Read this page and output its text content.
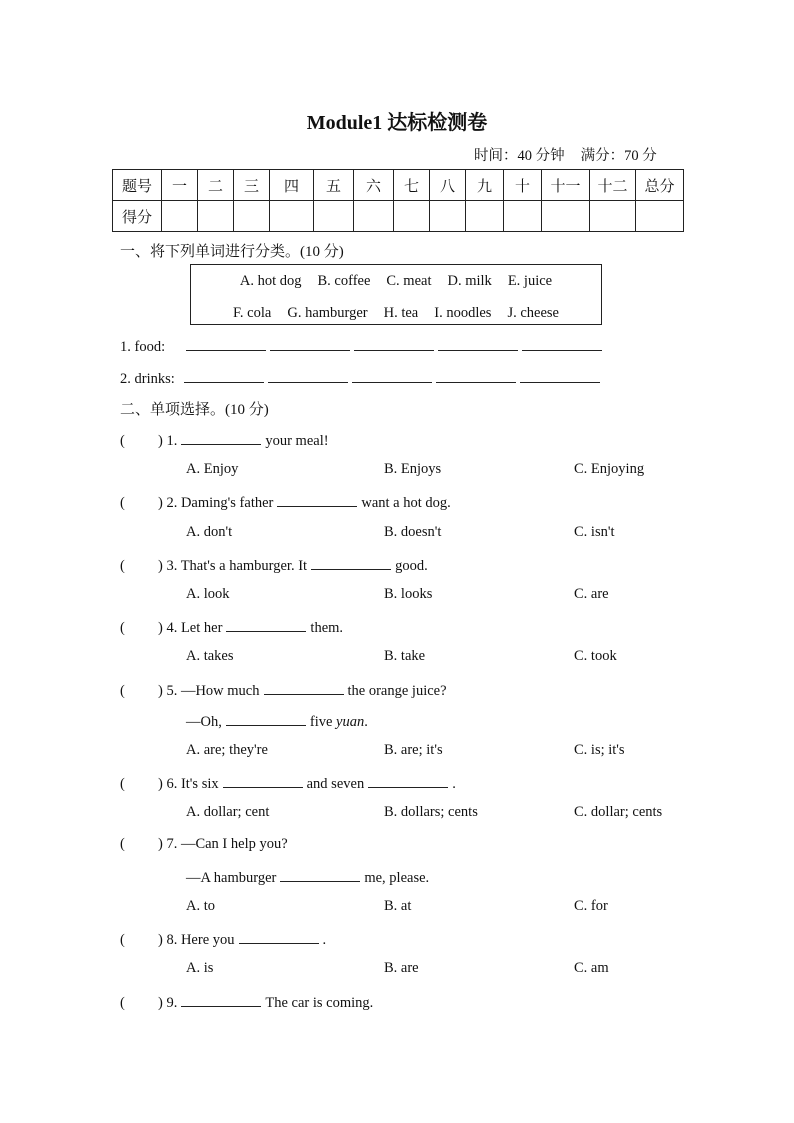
Module1 达标检测卷
时间：40 分钟 满分：70 分
题号	一	二	三	四	五	六	七	八	九	十	十一	十二	总分
得分													
一、将下列单词进行分类。(10 分)
A. hot dog B. coffee C. meat D. milk E. juice
F. cola G. hamburger H. tea I. noodles J. cheese
1. food:
2. drinks:
二、单项选择。(10 分)
( ) 1.	your meal!
A. Enjoy	B. Enjoys	C. Enjoying
( ) 2. Daming's father	want a hot dog.
A. don't	B. doesn't	C. isn't
( ) 3. That's a hamburger. It	good.
A. look	B. looks	C. are
( ) 4. Let her	them.
A. takes	B. take	C. took
( ) 5. —How much	the orange juice?
—Oh,	five yuan.
A. are; they're	B. are; it's	C. is; it's
( ) 6. It's six	and seven	.
A. dollar; cent	B. dollars; cents	C. dollar; cents
( ) 7. —Can I help you?
—A hamburger	me, please.
A. to	B. at	C. for
( ) 8. Here you	.
A. is	B. are	C. am
( ) 9.	The car is coming.
